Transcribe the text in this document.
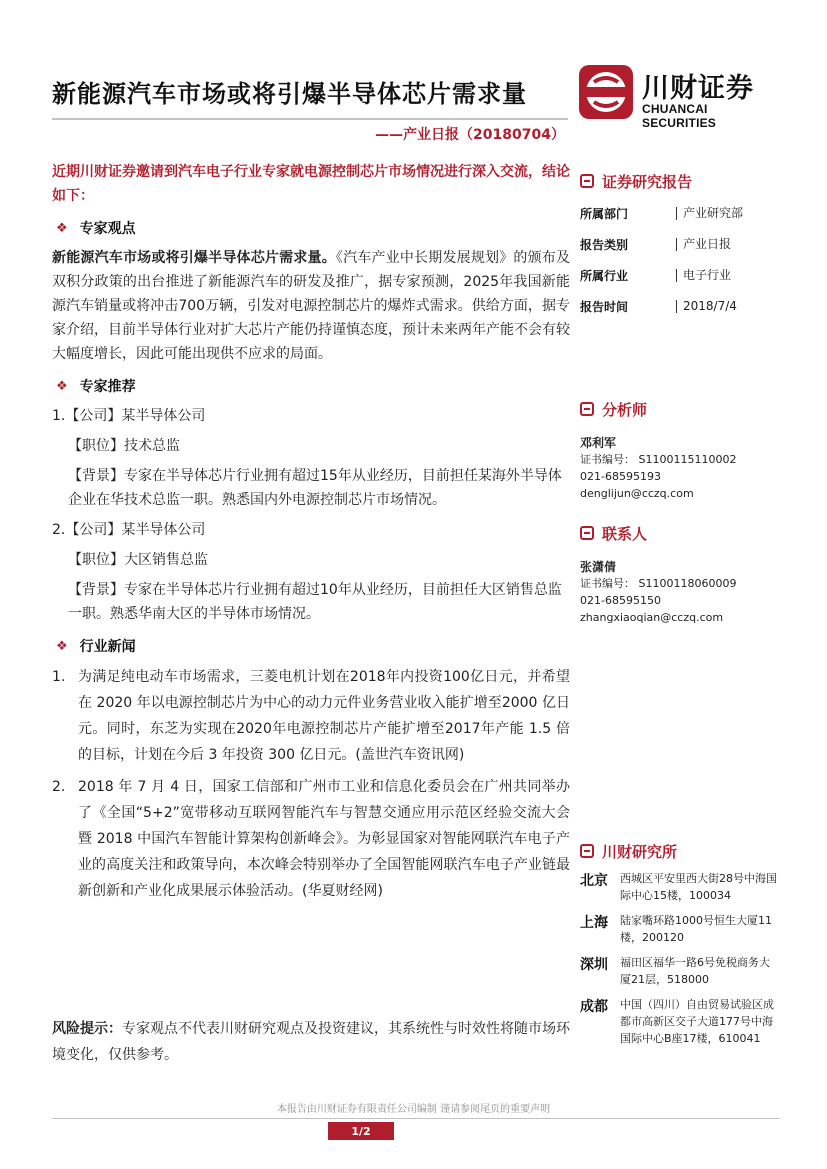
新能源汽车市场或将引爆半导体芯片需求量
——产业日报（20180704）
川财证券
CHUANCAI SECURITIES
近期川财证券邀请到汽车电子行业专家就电源控制芯片市场情况进行深入交流，结论如下：
❖ 专家观点
新能源汽车市场或将引爆半导体芯片需求量。《汽车产业中长期发展规划》的颁布及双积分政策的出台推进了新能源汽车的研发及推广，据专家预测，2025年我国新能源汽车销量或将冲击700万辆，引发对电源控制芯片的爆炸式需求。供给方面，据专家介绍，目前半导体行业对扩大芯片产能仍持谨慎态度，预计未来两年产能不会有较大幅度增长，因此可能出现供不应求的局面。
❖ 专家推荐
1.【公司】某半导体公司
【职位】技术总监
【背景】专家在半导体芯片行业拥有超过15年从业经历，目前担任某海外半导体企业在华技术总监一职。熟悉国内外电源控制芯片市场情况。
2.【公司】某半导体公司
【职位】大区销售总监
【背景】专家在半导体芯片行业拥有超过10年从业经历，目前担任大区销售总监一职。熟悉华南大区的半导体市场情况。
❖ 行业新闻
1. 为满足纯电动车市场需求，三菱电机计划在2018年内投资100亿日元，并希望在 2020 年以电源控制芯片为中心的动力元件业务营业收入能扩增至2000 亿日元。同时，东芝为实现在2020年电源控制芯片产能扩增至2017年产能 1.5 倍的目标，计划在今后 3 年投资 300 亿日元。(盖世汽车资讯网)
2. 2018 年 7 月 4 日，国家工信部和广州市工业和信息化委员会在广州共同举办了《全国“5+2”宽带移动互联网智能汽车与智慧交通应用示范区经验交流大会暨 2018 中国汽车智能计算架构创新峰会》。为彰显国家对智能网联汽车电子产业的高度关注和政策导向，本次峰会特别举办了全国智能网联汽车电子产业链最新创新和产业化成果展示体验活动。(华夏财经网)
风险提示：专家观点不代表川财研究观点及投资建议，其系统性与时效性将随市场环境变化，仅供参考。
证券研究报告
所属部门	产业研究部
报告类别	产业日报
所属行业	电子行业
报告时间	2018/7/4
分析师
邓利军
证书编号： S1100115110002
021-68595193
denglijun@cczq.com
联系人
张潇倩
证书编号： S1100118060009
021-68595150
zhangxiaoqian@cczq.com
川财研究所
北京	西城区平安里西大街28号中海国际中心15楼，100034
上海	陆家嘴环路1000号恒生大厦11楼，200120
深圳	福田区福华一路6号免税商务大厦21层，518000
成都	中国（四川）自由贸易试验区成都市高新区交子大道177号中海国际中心B座17楼，610041
本报告由川财证券有限责任公司编制 谨请参阅尾页的重要声明
1/2
